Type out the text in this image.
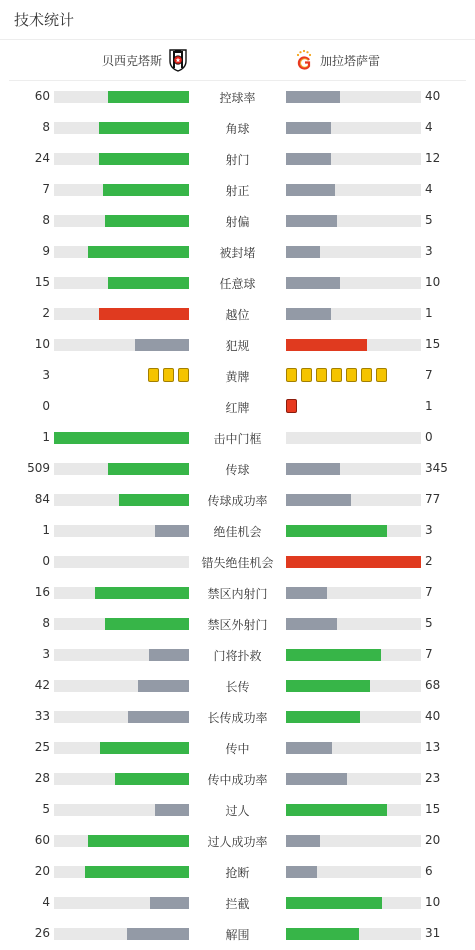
技术统计
贝西克塔斯	加拉塔萨雷
60	控球率	40
8	角球	4
24	射门	12
7	射正	4
8	射偏	5
9	被封堵	3
15	任意球	10
2	越位	1
10	犯规	15
3	黄牌	7
0	红牌	1
1	击中门框	0
509	传球	345
84	传球成功率	77
1	绝佳机会	3
0	错失绝佳机会	2
16	禁区内射门	7
8	禁区外射门	5
3	门将扑救	7
42	长传	68
33	长传成功率	40
25	传中	13
28	传中成功率	23
5	过人	15
60	过人成功率	20
20	抢断	6
4	拦截	10
26	解围	31
